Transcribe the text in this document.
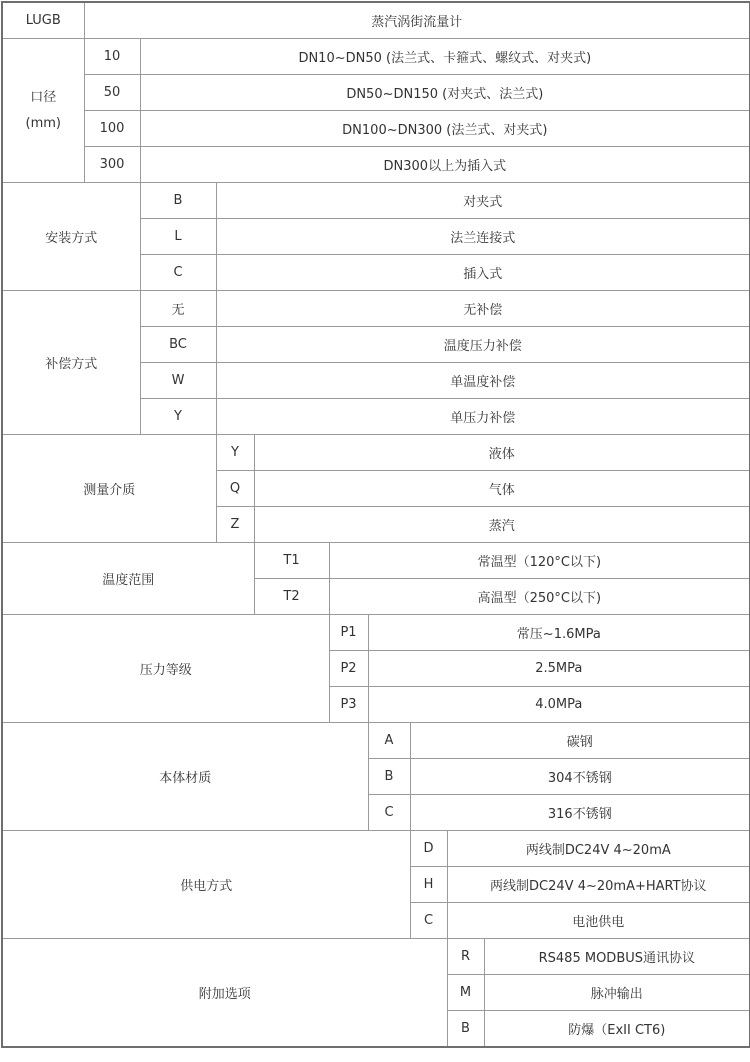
LUGB	蒸汽涡街流量计								

口径
(mm)	10	DN10~DN50 (法兰式、卡箍式、螺纹式、对夹式)							
	50	DN50~DN150 (对夹式、法兰式)							
	100	DN100~DN300 (法兰式、对夹式)							
	300	DN300以上为插入式							
安装方式		B	对夹式						
		L	法兰连接式						
		C	插入式						
补偿方式		无	无补偿						
		BC	温度压力补偿						
		W	单温度补偿						
		Y	单压力补偿						
测量介质			Y	液体					
			Q	气体					
			Z	蒸汽					
温度范围				T1	常温型（120°C以下)				
				T2	高温型（250°C以下)				
压力等级					P1	常压~1.6MPa			
					P2	2.5MPa			
					P3	4.0MPa			
本体材质						A	碳钢		
						B	304不锈钢		
						C	316不锈钢		
供电方式							D	两线制DC24V 4~20mA	
							H	两线制DC24V 4~20mA+HART协议	
							C	电池供电	
附加选项								R	RS485 MODBUS通讯协议
								M	脉冲输出
								B	防爆（ExII CT6)
